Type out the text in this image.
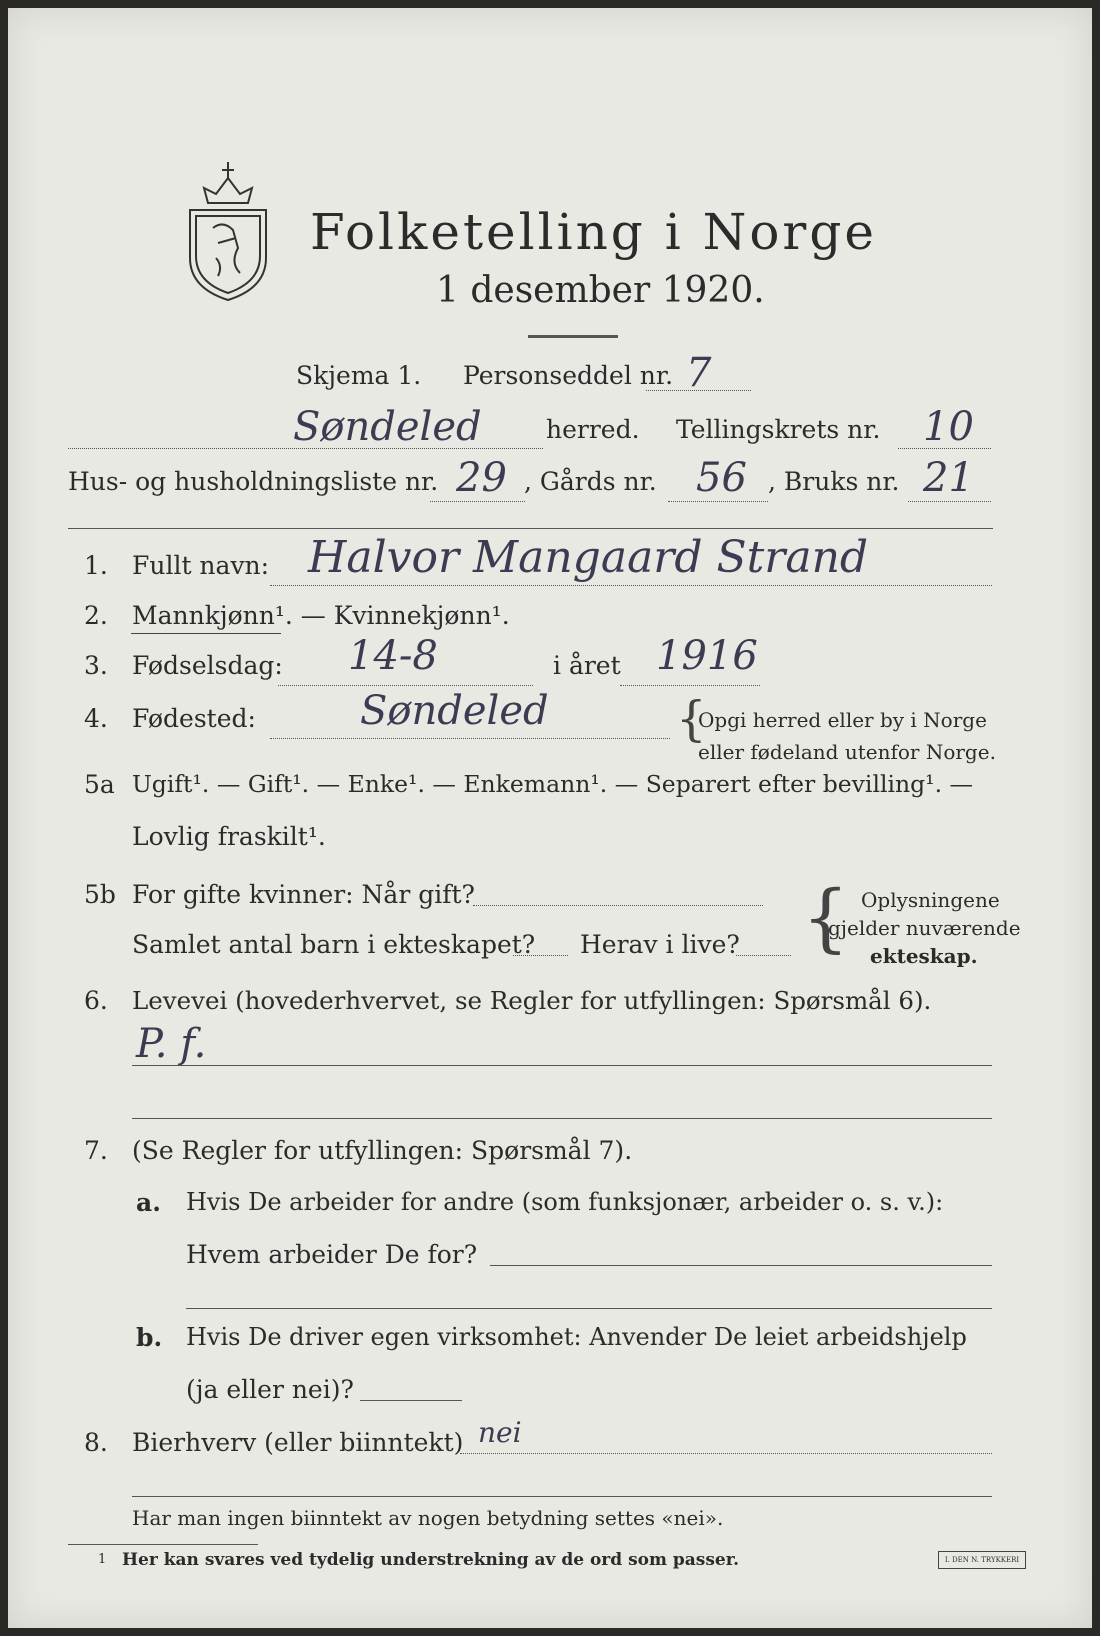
Folketelling i Norge
1 desember 1920.
Skjema 1. Personseddel nr. 7
Søndeled	herred. Tellingskrets nr. 10
Hus- og husholdningsliste nr. 29 , Gårds nr. 56 , Bruks nr. 21
1. Fullt navn: Halvor Mangaard Strand
2. Mannkjønn¹. — Kvinnekjønn¹.
3. Fødselsdag: 14-8	i året 1916
4. Fødested:	Søndeled	{
Opgi herred eller by i Norge
eller fødeland utenfor Norge.
5a Ugift¹. — Gift¹. — Enke¹. — Enkemann¹. — Separert efter bevilling¹. —
Lovlig fraskilt¹.
5b For gifte kvinner: Når gift?
Samlet antal barn i ekteskapet? Herav i live? { Oplysningene
gjelder nuværende
ekteskap.
6. Levevei (hovederhvervet, se Regler for utfyllingen: Spørsmål 6).
P. f.
7. (Se Regler for utfyllingen: Spørsmål 7).
a. Hvis De arbeider for andre (som funksjonær, arbeider o. s. v.):
Hvem arbeider De for?
b. Hvis De driver egen virksomhet: Anvender De leiet arbeidshjelp
(ja eller nei)?
8. Bierhverv (eller biinntekt) nei
Har man ingen biinntekt av nogen betydning settes «nei».
1 Her kan svares ved tydelig understrekning av de ord som passer.	I. DEN N. TRYKKERI
